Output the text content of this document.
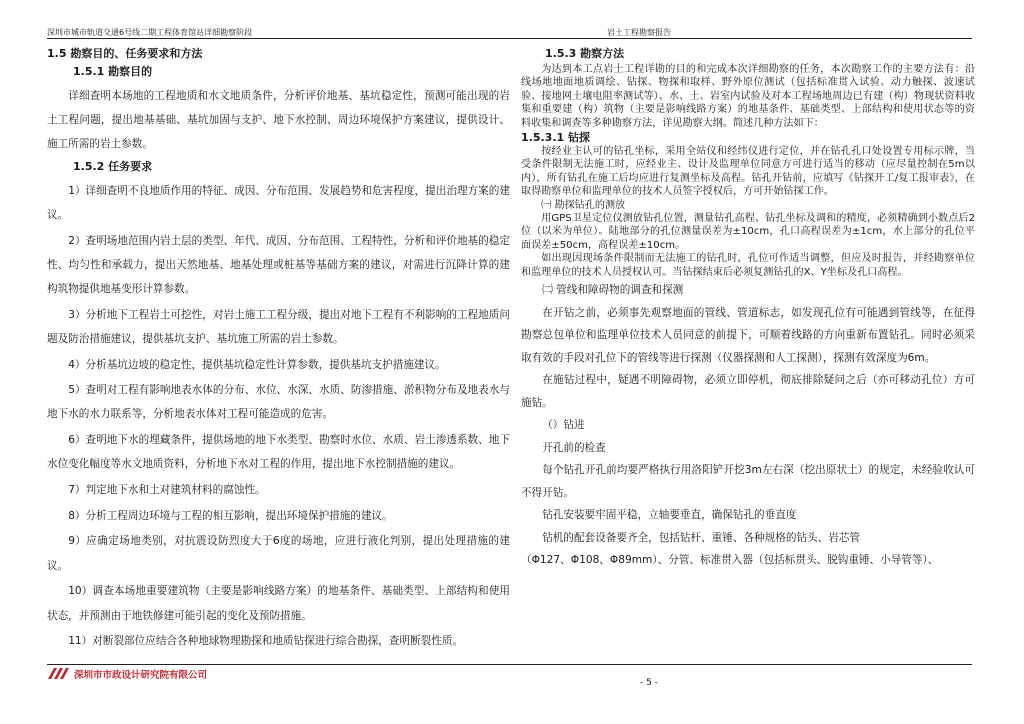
深圳市城市轨道交通6号线二期工程体育馆站详细勘察阶段	岩土工程勘察报告
1.5 勘察目的、任务要求和方法
1.5.1 勘察目的

详细查明本场地的工程地质和水文地质条件，分析评价地基、基坑稳定性，预测可能出现的岩土工程问题，提出地基基础、基坑加固与支护、地下水控制、周边环境保护方案建议，提供设计、施工所需的岩土参数。

1.5.2 任务要求

1）详细查明不良地质作用的特征、成因、分布范围、发展趋势和危害程度，提出治理方案的建议。

2）查明场地范围内岩土层的类型、年代、成因、分布范围、工程特性，分析和评价地基的稳定性、均匀性和承载力，提出天然地基、地基处理或桩基等基础方案的建议，对需进行沉降计算的建构筑物提供地基变形计算参数。

3）分析地下工程岩土可挖性，对岩土施工工程分级，提出对地下工程有不利影响的工程地质问题及防治措施建议，提供基坑支护、基坑施工所需的岩土参数。

4）分析基坑边坡的稳定性，提供基坑稳定性计算参数，提供基坑支护措施建议。

5）查明对工程有影响地表水体的分布、水位、水深、水质、防渗措施、淤积物分布及地表水与地下水的水力联系等，分析地表水体对工程可能造成的危害。

6）查明地下水的埋藏条件，提供场地的地下水类型、勘察时水位、水质、岩土渗透系数、地下水位变化幅度等水文地质资料，分析地下水对工程的作用，提出地下水控制措施的建议。

7）判定地下水和土对建筑材料的腐蚀性。

8）分析工程周边环境与工程的相互影响，提出环境保护措施的建议。

9）应确定场地类别，对抗震设防烈度大于6度的场地，应进行液化判别，提出处理措施的建议。

10）调查本场地重要建筑物（主要是影响线路方案）的地基条件、基础类型、上部结构和使用状态，并预测由于地铁修建可能引起的变化及预防措施。

11）对断裂部位应结合各种地球物理勘探和地质钻探进行综合勘探，查明断裂性质。

1.5.3 勘察方法

为达到本工点岩土工程详勘的目的和完成本次详细勘察的任务，本次勘察工作的主要方法有：沿线场地地面地质调绘、钻探、物探和取样、野外原位测试（包括标准贯入试验、动力触探、波速试验、接地网土壤电阻率测试等）、水、土、岩室内试验及对本工程场地周边已有建（构）物现状资料收集和重要建（构）筑物（主要是影响线路方案）的地基条件、基础类型、上部结构和使用状态等的资料收集和调查等多种勘察方法，详见勘察大纲。简述几种方法如下：

1.5.3.1 钻探

按经业主认可的钻孔坐标，采用全站仪和经纬仪进行定位，并在钻孔孔口处设置专用标示牌，当受条件限制无法施工时，应经业主、设计及监理单位同意方可进行适当的移动（应尽量控制在5m以内），所有钻孔在施工后均应进行复测坐标及高程。钻孔开钻前，应填写《钻探开工/复工报审表》，在取得勘察单位和监理单位的技术人员签字授权后，方可开始钻探工作。

㈠ 勘探钻孔的测放

用GPS卫星定位仪测放钻孔位置，测量钻孔高程、钻孔坐标及调和的精度，必须精确到小数点后2位（以米为单位）。陆地部分的孔位测量误差为±10cm，孔口高程误差为±1cm，水上部分的孔位平面误差±50cm，高程误差±10cm。

如出现因现场条件限制而无法施工的钻孔时，孔位可作适当调整，但应及时报告，并经勘察单位和监理单位的技术人员授权认可。当钻探结束后必须复测钻孔的X、Y坐标及孔口高程。

㈡ 管线和障碍物的调查和探测

在开钻之前，必须事先观察地面的管线、管道标志，如发现孔位有可能遇到管线等，在征得勘察总包单位和监理单位技术人员同意的前提下，可顺着线路的方向重新布置钻孔。同时必须采取有效的手段对孔位下的管线等进行探测（仪器探测和人工探测），探测有效深度为6m。

在施钻过程中，疑遇不明障碍物，必须立即停机，彻底排除疑问之后（亦可移动孔位）方可施钻。

（）钻进

开孔前的检查

每个钻孔开孔前均要严格执行用洛阳铲开挖3m左右深（挖出原状土）的规定，未经验收认可不得开钻。

钻孔安装要牢固平稳，立轴要垂直，确保钻孔的垂直度

钻机的配套设备要齐全，包括钻杆、重锤、各种规格的钻头、岩芯管

（Φ127、Φ108、Φ89mm）、分管、标准贯入器（包括标贯头、脱钩重锤、小导管等）、

深圳市市政设计研究院有限公司
- 5 -
